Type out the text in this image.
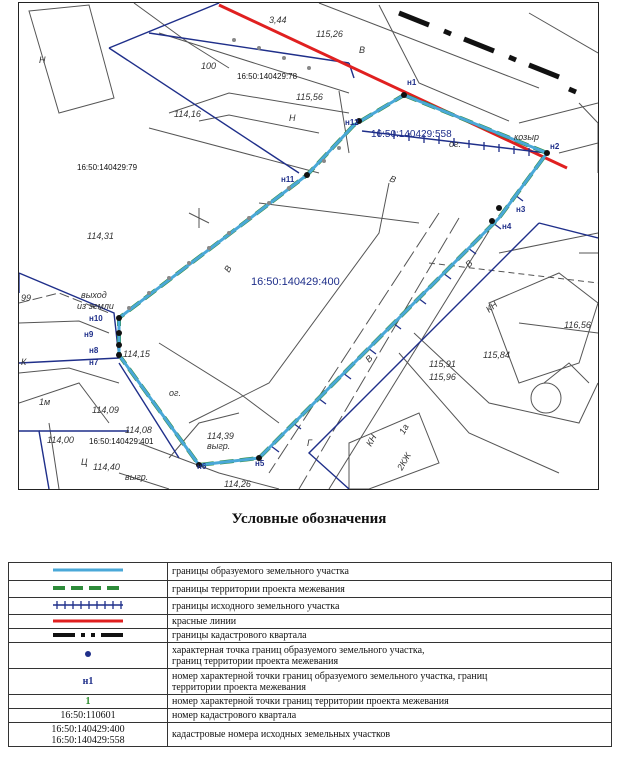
н1
н2
н3
н4
н5
н6
н7
н8
н9
н10
н11
н12
16:50:140429:400
16:50:140429:558
16:50:140429:79
16:50:140429:78
16:50:140429:401
115,26
3,44
115,56
114,16
114,31
116,56
115,84
115,91
115,96
114,15
114,09
114,08
114,39
114,40
114,00
114,26
99	выход
из земли
выгр.
выгр.
ог.
ог.
козыр
100
КН
КН
2КЖ
1а
В
В
В
В
В
Н
Н
Ц
1м
К
Г
Условные обозначения
	границы образуемого земельного участка
	границы территории проекта межевания
	границы исходного земельного участка
	красные линии
	границы кадастрового квартала

характерная точка границ образуемого земельного участка,
границ территории проекта межевания

н1	номер характерной точки границ образуемого земельного участка, границ
территории проекта межевания

1	номер характерной точки границ территории проекта межевания
16:50:110601	номер кадастрового квартала

16:50:140429:400
16:50:140429:558	кадастровые номера исходных земельных участков
